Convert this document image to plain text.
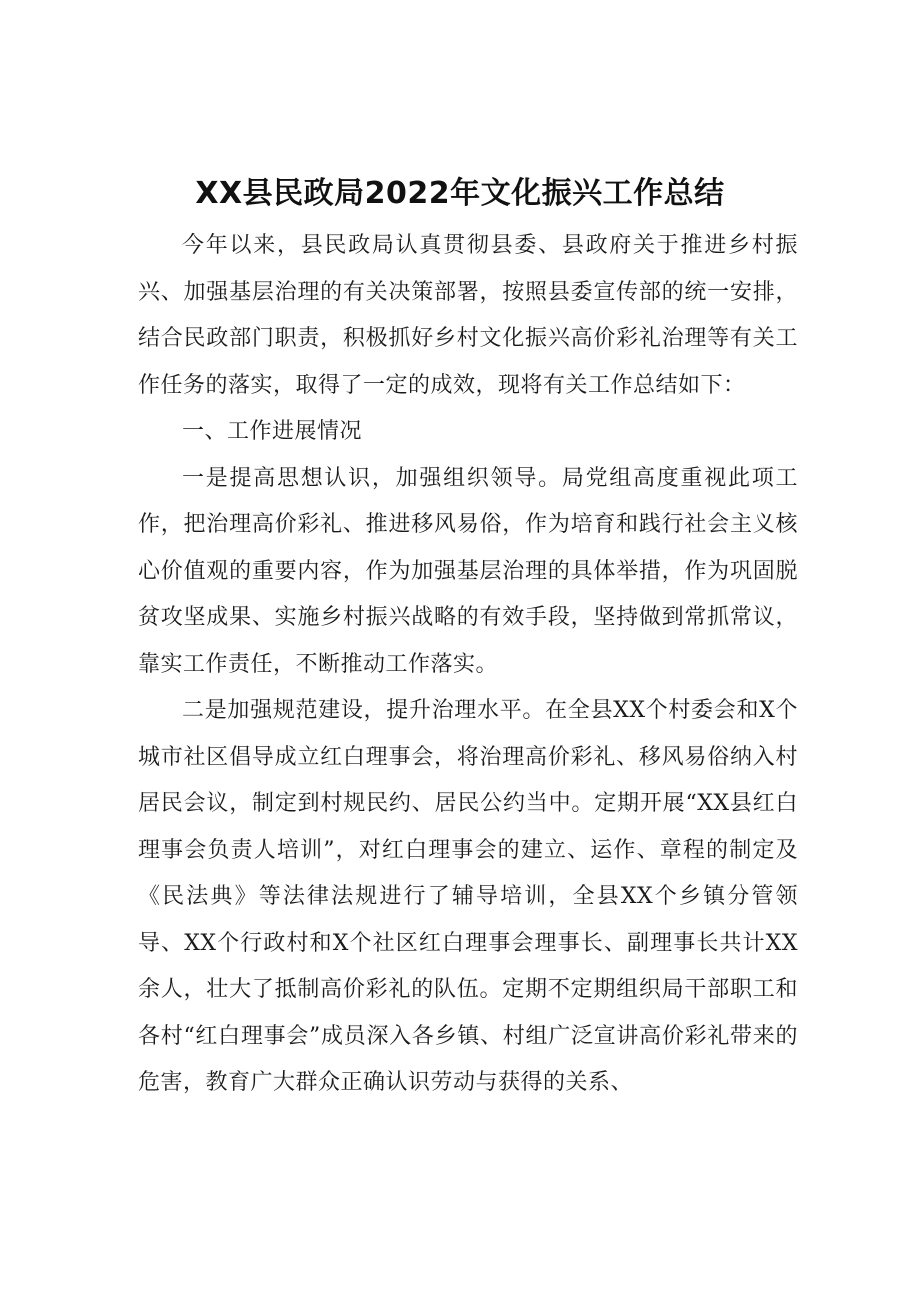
XX县民政局2022年文化振兴工作总结

今年以来，县民政局认真贯彻县委、县政府关于推进乡村振兴、加强基层治理的有关决策部署，按照县委宣传部的统一安排，结合民政部门职责，积极抓好乡村文化振兴高价彩礼治理等有关工作任务的落实，取得了一定的成效，现将有关工作总结如下：

一、工作进展情况

一是提高思想认识，加强组织领导。局党组高度重视此项工作，把治理高价彩礼、推进移风易俗，作为培育和践行社会主义核心价值观的重要内容，作为加强基层治理的具体举措，作为巩固脱贫攻坚成果、实施乡村振兴战略的有效手段，坚持做到常抓常议，靠实工作责任，不断推动工作落实。

二是加强规范建设，提升治理水平。在全县XX个村委会和X个城市社区倡导成立红白理事会，将治理高价彩礼、移风易俗纳入村居民会议，制定到村规民约、居民公约当中。定期开展“XX县红白理事会负责人培训”，对红白理事会的建立、运作、章程的制定及《民法典》等法律法规进行了辅导培训，全县XX个乡镇分管领导、XX个行政村和X个社区红白理事会理事长、副理事长共计XX余人，壮大了抵制高价彩礼的队伍。定期不定期组织局干部职工和各村“红白理事会”成员深入各乡镇、村组广泛宣讲高价彩礼带来的危害，教育广大群众正确认识劳动与获得的关系、
